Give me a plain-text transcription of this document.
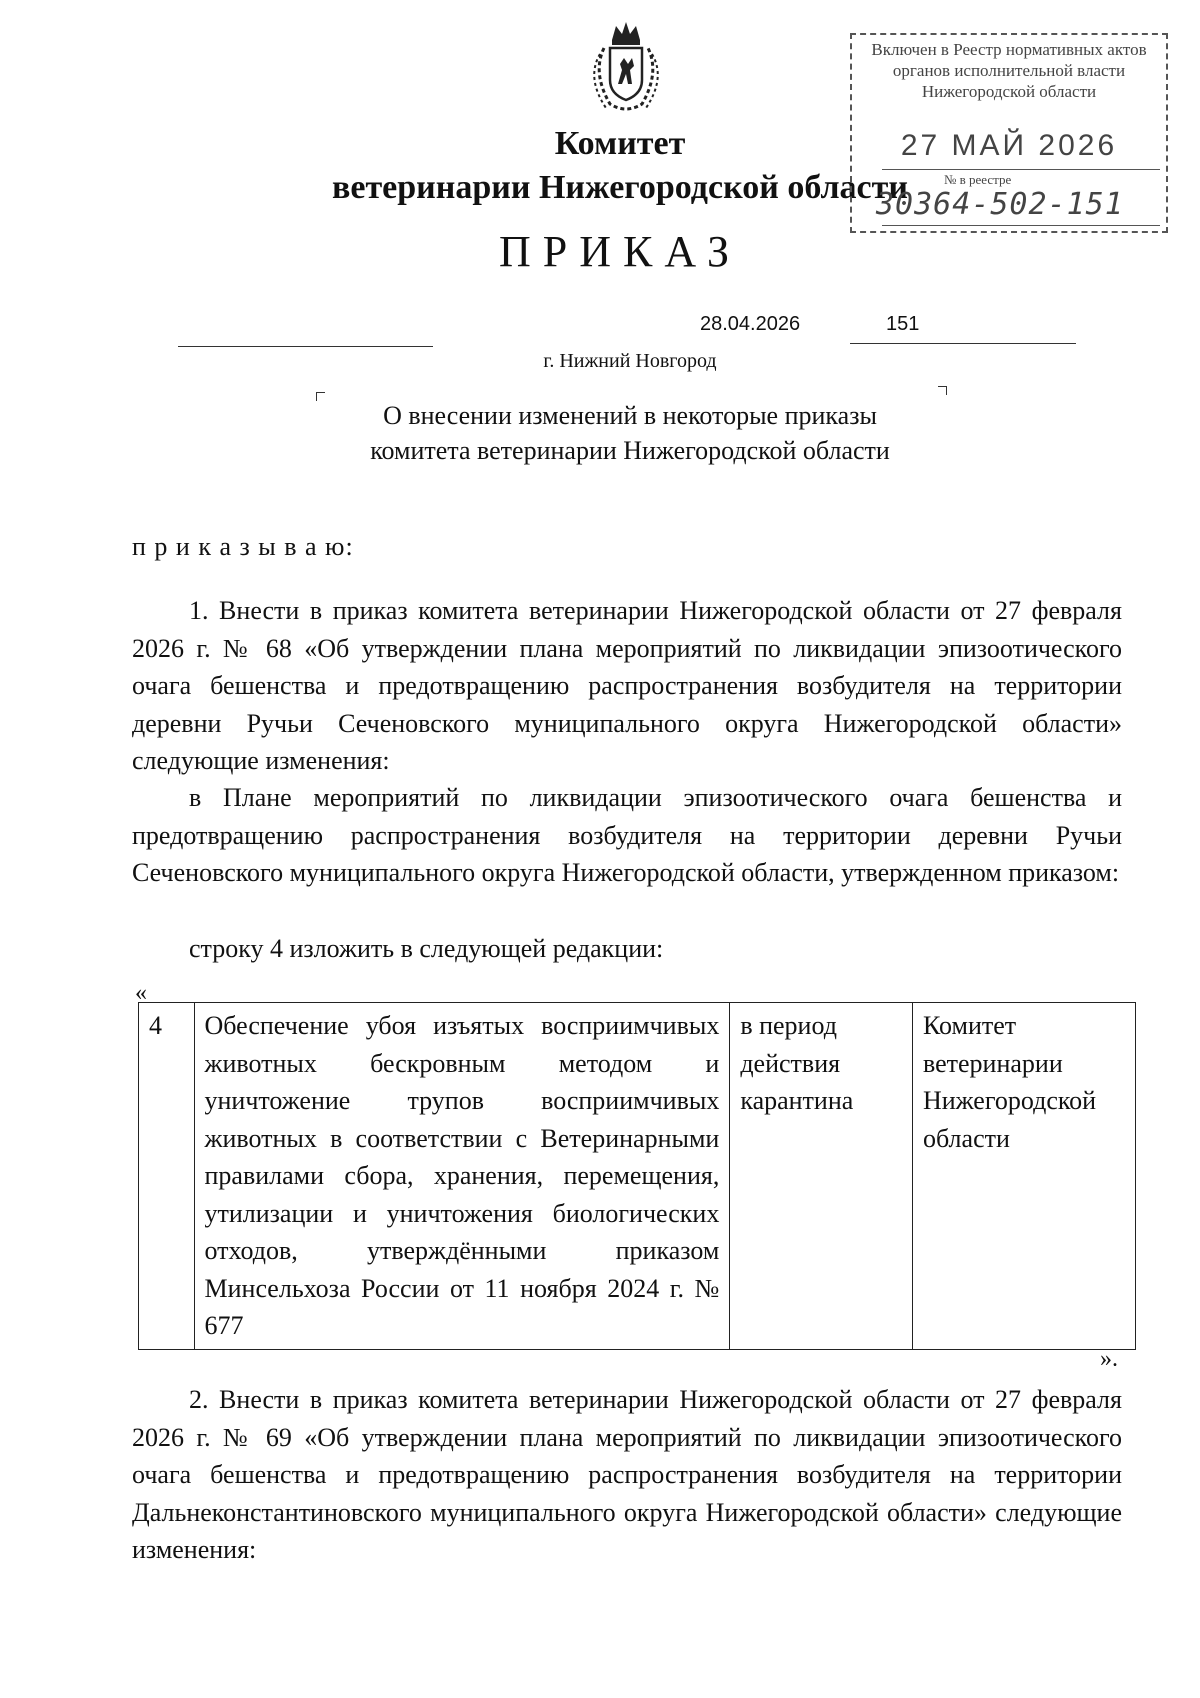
Комитет
ветеринарии Нижегородской области
ПРИКАЗ
Включен в Реестр нормативных актов органов исполнительной власти Нижегородской области
27 МАЙ 2026
№ в реестре
30364-502-151
28.04.2026	151
г. Нижний Новгород
О внесении изменений в некоторые приказы
комитета ветеринарии Нижегородской области
п р и к а з ы в а ю:
1. Внести в приказ комитета ветеринарии Нижегородской области от 27 февраля 2026 г. № 68 «Об утверждении плана мероприятий по ликвидации эпизоотического очага бешенства и предотвращению распространения возбудителя на территории деревни Ручьи Сеченовского муниципального округа Нижегородской области» следующие изменения:
в Плане мероприятий по ликвидации эпизоотического очага бешенства и предотвращению распространения возбудителя на территории деревни Ручьи Сеченовского муниципального округа Нижегородской области, утвержденном приказом:
строку 4 изложить в следующей редакции:
«
4	Обеспечение убоя изъятых восприимчивых животных бескровным методом и уничтожение трупов восприимчивых животных в соответствии с Ветеринарными правилами сбора, хранения, перемещения, утилизации и уничтожения биологических отходов, утверждёнными приказом Минсельхоза России от 11 ноября 2024 г. № 677	в период действия карантина	Комитет ветеринарии Нижегородской области
».
2. Внести в приказ комитета ветеринарии Нижегородской области от 27 февраля 2026 г. № 69 «Об утверждении плана мероприятий по ликвидации эпизоотического очага бешенства и предотвращению распространения возбудителя на территории Дальнеконстантиновского муниципального округа Нижегородской области» следующие изменения:
